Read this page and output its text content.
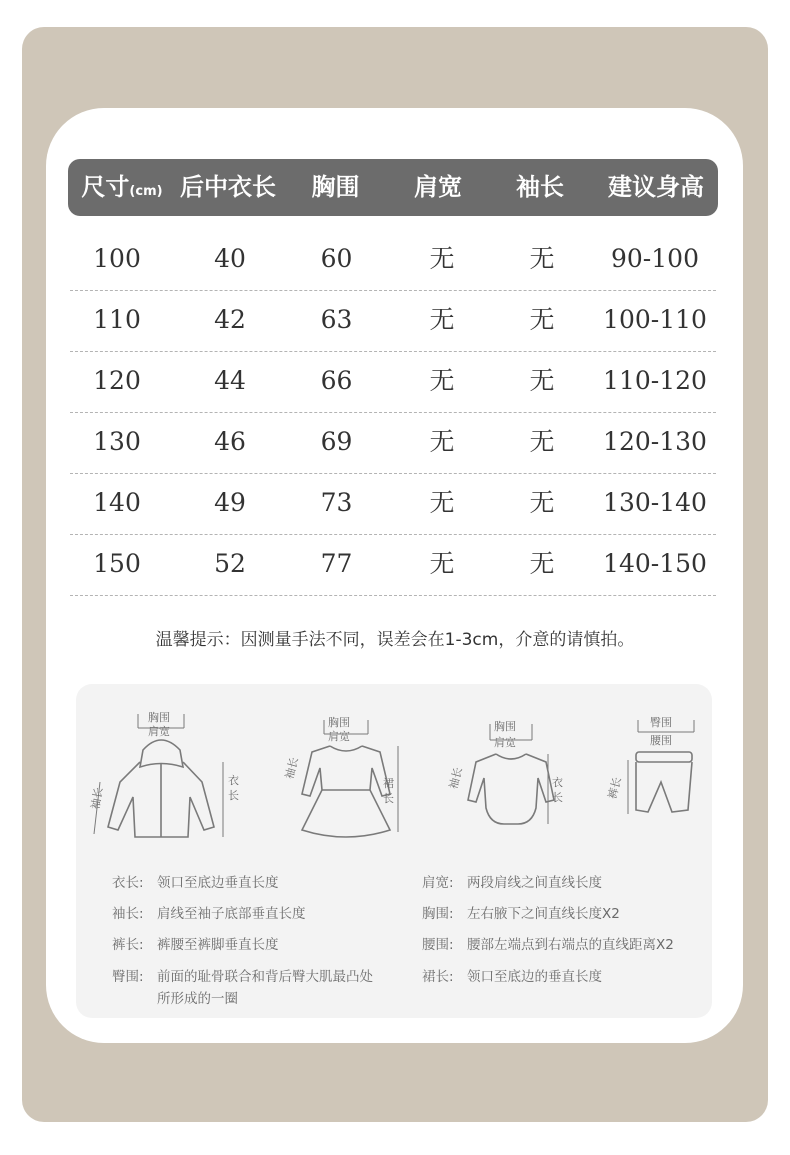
尺寸(cm) 后中衣长	胸围	肩宽	袖长	建议身高
100	40	60	无	无	90-100
110	42	63	无	无	100-110
120	44	66	无	无	110-120
130	46	69	无	无	120-130
140	49	73	无	无	130-140
150	52	77	无	无	140-150
温馨提示：因测量手法不同，误差会在1-3cm，介意的请慎拍。
胸围
肩宽
袖长
衣
长
胸围
肩宽
袖长
裙
长
胸围
肩宽
袖长	衣
长
臀围
腰围
裤长
衣长: 领口至底边垂直长度
袖长: 肩线至袖子底部垂直长度
裤长: 裤腰至裤脚垂直长度
臀围: 前面的耻骨联合和背后臀大肌最凸处
所形成的一圈
肩宽: 两段肩线之间直线长度
胸围: 左右腋下之间直线长度X2
腰围: 腰部左端点到右端点的直线距离X2
裙长: 领口至底边的垂直长度
